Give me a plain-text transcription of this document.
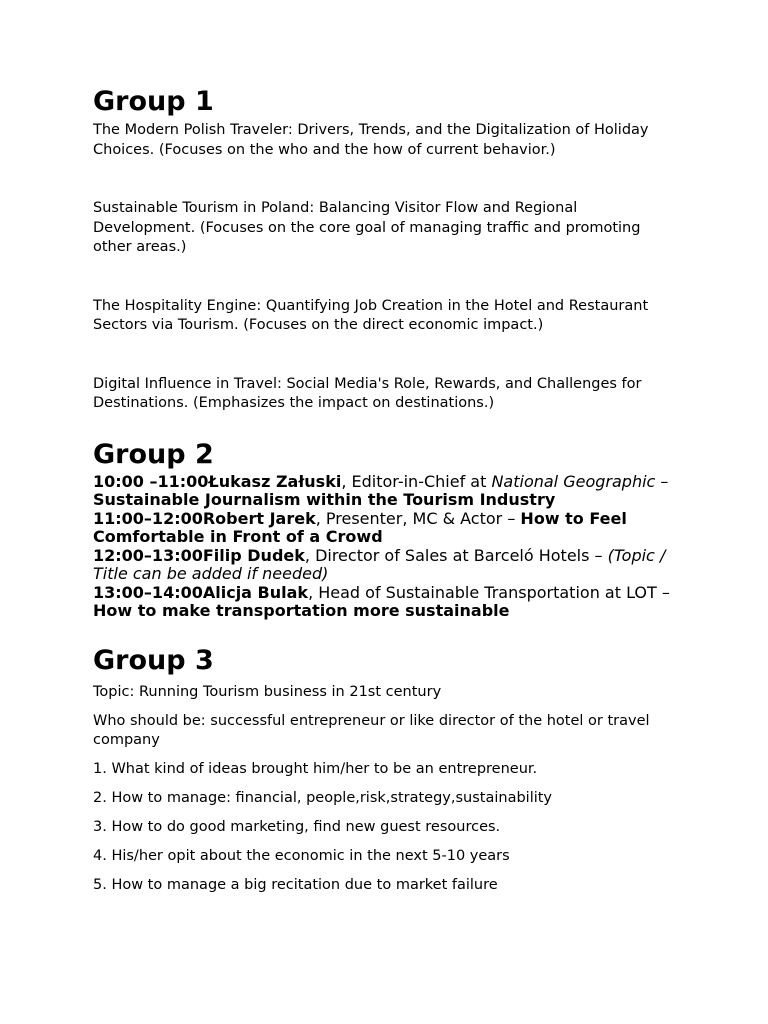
Group 1

The Modern Polish Traveler: Drivers, Trends, and the Digitalization of Holiday Choices. (Focuses on the who and the how of current behavior.)

Sustainable Tourism in Poland: Balancing Visitor Flow and Regional Development. (Focuses on the core goal of managing traffic and promoting other areas.)

The Hospitality Engine: Quantifying Job Creation in the Hotel and Restaurant Sectors via Tourism. (Focuses on the direct economic impact.)

Digital Influence in Travel: Social Media's Role, Rewards, and Challenges for Destinations. (Emphasizes the impact on destinations.)

Group 2

10:00 –11:00Łukasz Załuski, Editor-in-Chief at National Geographic – Sustainable Journalism within the Tourism Industry

11:00–12:00Robert Jarek, Presenter, MC & Actor – How to Feel Comfortable in Front of a Crowd

12:00–13:00Filip Dudek, Director of Sales at Barceló Hotels – (Topic / Title can be added if needed)

13:00–14:00Alicja Bulak, Head of Sustainable Transportation at LOT –How to make transportation more sustainable

Group 3

Topic: Running Tourism business in 21st century

Who should be: successful entrepreneur or like director of the hotel or travel company

1. What kind of ideas brought him/her to be an entrepreneur.

2. How to manage: financial, people,risk,strategy,sustainability

3. How to do good marketing, find new guest resources.

4. His/her opit about the economic in the next 5-10 years

5. How to manage a big recitation due to market failure
